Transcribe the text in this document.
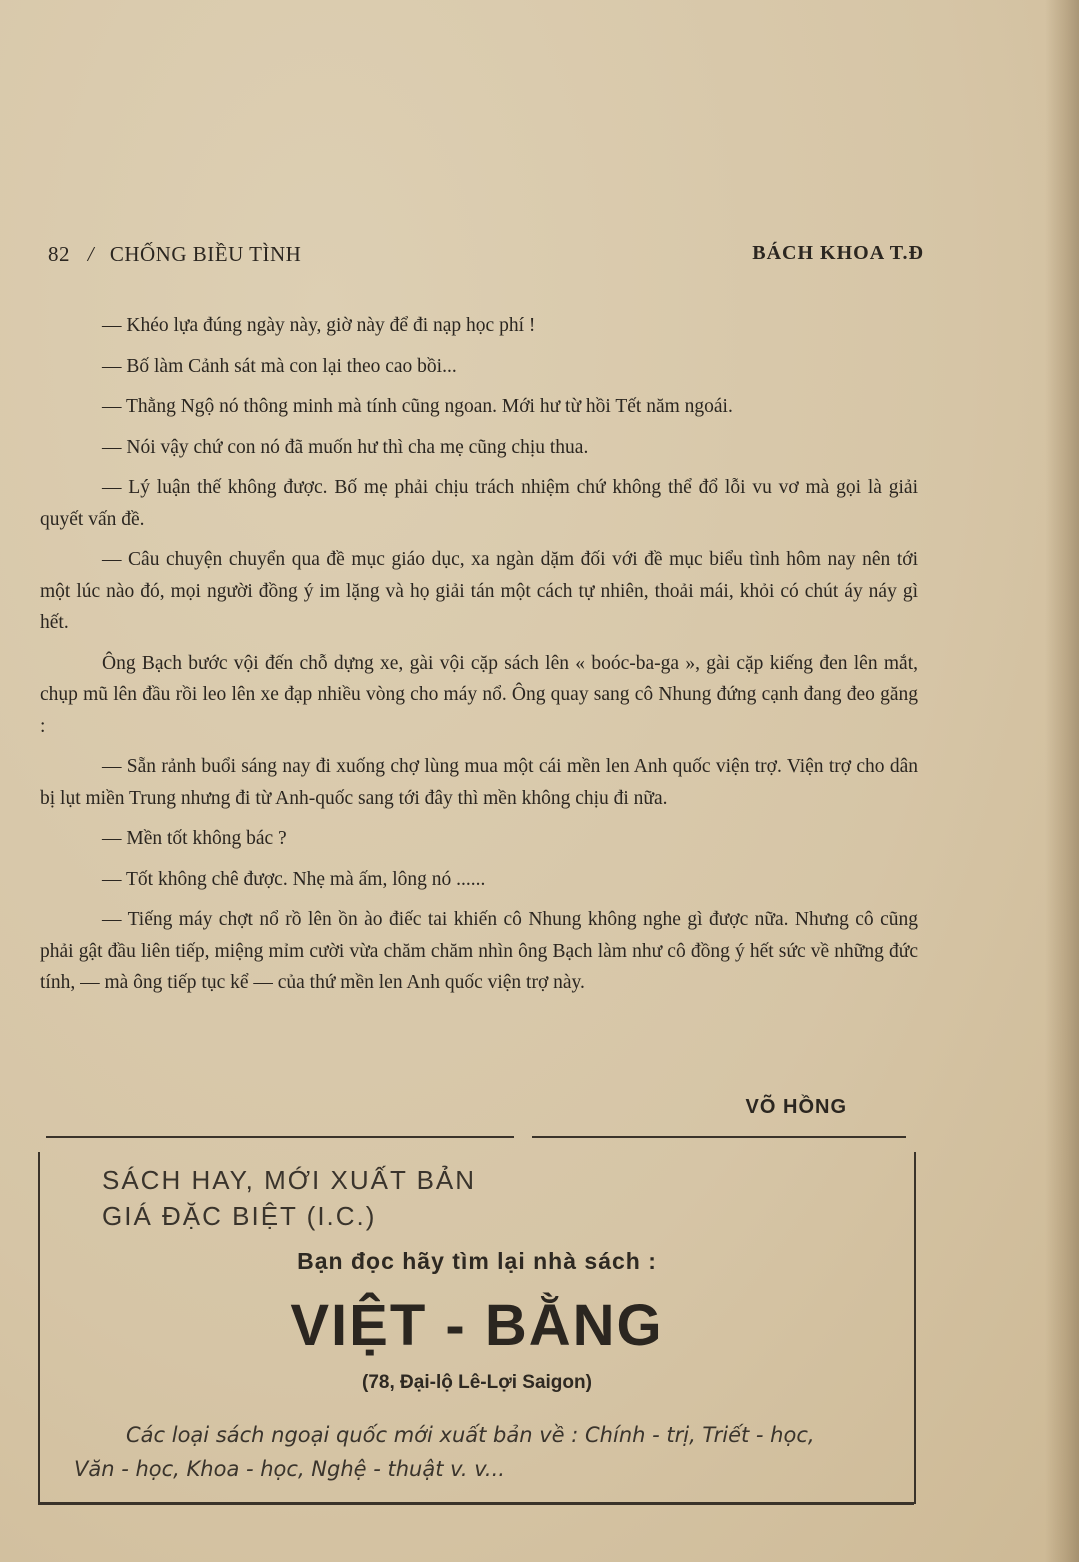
82 / CHỐNG BIỀU TÌNH	BÁCH KHOA T.Đ

— Khéo lựa đúng ngày này, giờ này để đi nạp học phí !

— Bố làm Cảnh sát mà con lại theo cao bồi...

— Thằng Ngộ nó thông minh mà tính cũng ngoan. Mới hư từ hồi Tết năm ngoái.

— Nói vậy chứ con nó đã muốn hư thì cha mẹ cũng chịu thua.

— Lý luận thế không được. Bố mẹ phải chịu trách nhiệm chứ không thể đổ lỗi vu vơ mà gọi là giải quyết vấn đề.

— Câu chuyện chuyển qua đề mục giáo dục, xa ngàn dặm đối với đề mục biểu tình hôm nay nên tới một lúc nào đó, mọi người đồng ý im lặng và họ giải tán một cách tự nhiên, thoải mái, khỏi có chút áy náy gì hết.

Ông Bạch bước vội đến chỗ dựng xe, gài vội cặp sách lên « boóc-ba-ga », gài cặp kiếng đen lên mắt, chụp mũ lên đầu rồi leo lên xe đạp nhiều vòng cho máy nổ. Ông quay sang cô Nhung đứng cạnh đang đeo găng :

— Sẵn rảnh buổi sáng nay đi xuống chợ lùng mua một cái mền len Anh quốc viện trợ. Viện trợ cho dân bị lụt miền Trung nhưng đi từ Anh-quốc sang tới đây thì mền không chịu đi nữa.

— Mền tốt không bác ?

— Tốt không chê được. Nhẹ mà ấm, lông nó ......

— Tiếng máy chợt nổ rồ lên ồn ào điếc tai khiến cô Nhung không nghe gì được nữa. Nhưng cô cũng phải gật đầu liên tiếp, miệng mỉm cười vừa chăm chăm nhìn ông Bạch làm như cô đồng ý hết sức về những đức tính, — mà ông tiếp tục kể — của thứ mền len Anh quốc viện trợ này.

VÕ HỒNG
SÁCH HAY, MỚI XUẤT BẢN
GIÁ ĐẶC BIỆT (I.C.)
Bạn đọc hãy tìm lại nhà sách :
VIỆT - BẰNG
(78, Đại-lộ Lê-Lợi Saigon)
Các loại sách ngoại quốc mới xuất bản về : Chính - trị, Triết - học,
Văn - học, Khoa - học, Nghệ - thuật v. v...
